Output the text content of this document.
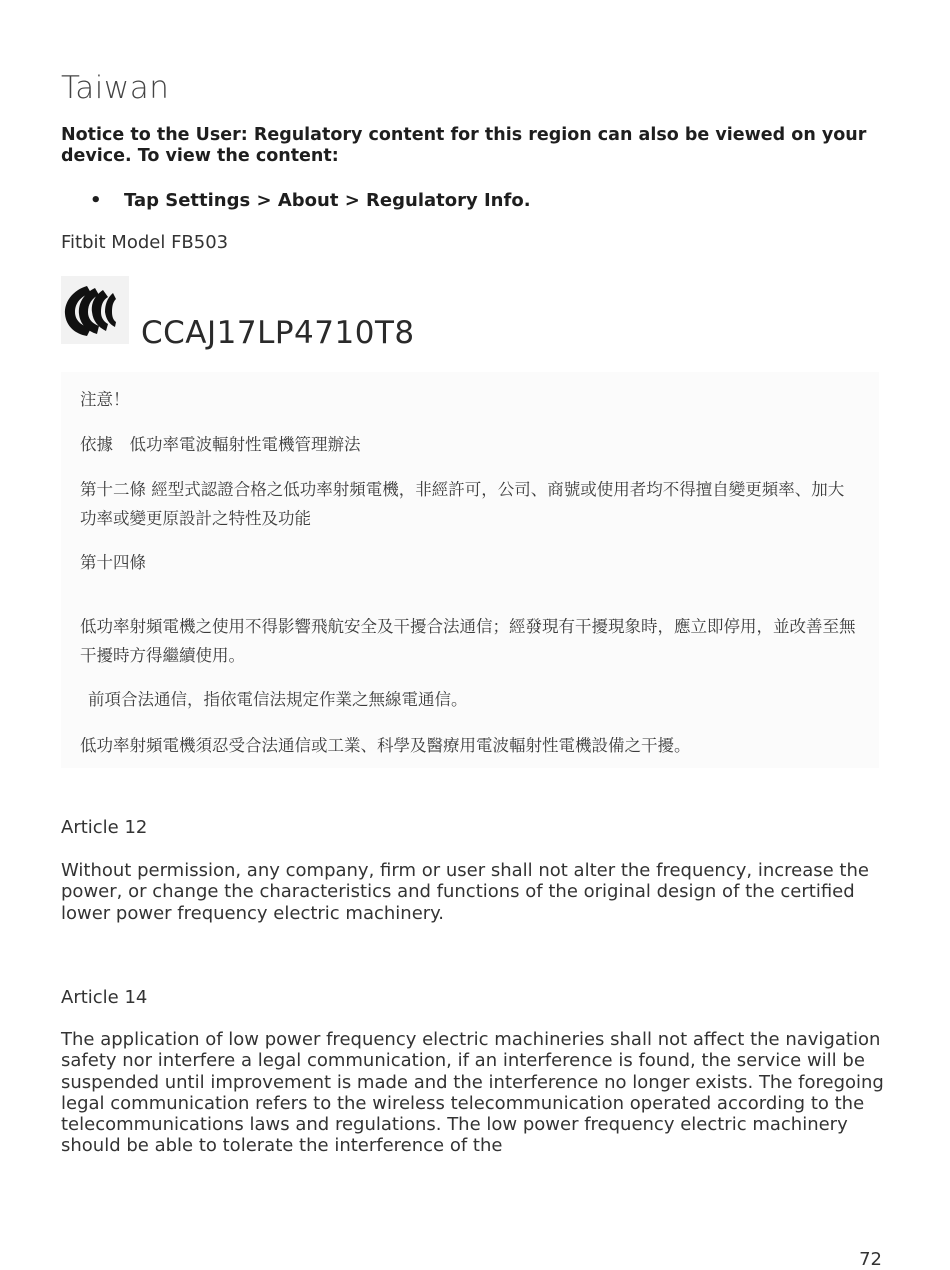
Taiwan

Notice to the User: Regulatory content for this region can also be viewed on your device. To view the content:

•	Tap Settings > About > Regulatory Info.

Fitbit Model FB503

CCAJ17LP4710T8

注意！

依據　低功率電波輻射性電機管理辦法

第十二條 經型式認證合格之低功率射頻電機，非經許可，公司、商號或使用者均不得擅自變更頻率、加大功率或變更原設計之特性及功能

第十四條

低功率射頻電機之使用不得影響飛航安全及干擾合法通信；經發現有干擾現象時，應立即停用，並改善至無干擾時方得繼續使用。

前項合法通信，指依電信法規定作業之無線電通信。

低功率射頻電機須忍受合法通信或工業、科學及醫療用電波輻射性電機設備之干擾。

Article 12

Without permission, any company, firm or user shall not alter the frequency, increase the power, or change the characteristics and functions of the original design of the certified lower power frequency electric machinery.

Article 14

The application of low power frequency electric machineries shall not affect the navigation safety nor interfere a legal communication, if an interference is found, the service will be suspended until improvement is made and the interference no longer exists. The foregoing legal communication refers to the wireless telecommunication operated according to the telecommunications laws and regulations. The low power frequency electric machinery should be able to tolerate the interference of the

72
